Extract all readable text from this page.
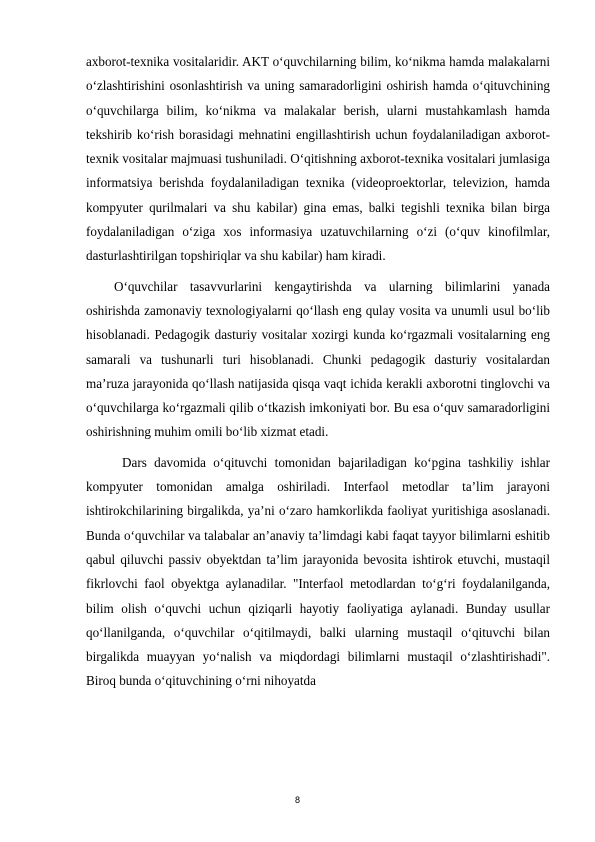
axborot-texnika vositalaridir. AKT o‘quvchilarning bilim, ko‘nikma hamda malakalarni o‘zlashtirishini osonlashtirish va uning samaradorligini oshirish hamda o‘qituvchining o‘quvchilarga bilim, ko‘nikma va malakalar berish, ularni mustahkamlash hamda tekshirib ko‘rish borasidagi mehnatini engillashtirish uchun foydalaniladigan axborot-texnik vositalar majmuasi tushuniladi. O‘qitishning axborot-texnika vositalari jumlasiga informatsiya berishda foydalaniladigan texnika (videoproektorlar, televizion, hamda kompyuter qurilmalari va shu kabilar) gina emas, balki tegishli texnika bilan birga foydalaniladigan o‘ziga xos informasiya uzatuvchilarning o‘zi (o‘quv kinofilmlar, dasturlashtirilgan topshiriqlar va shu kabilar) ham kiradi.

O‘quvchilar tasavvurlarini kengaytirishda va ularning bilimlarini yanada oshirishda zamonaviy texnologiyalarni qo‘llash eng qulay vosita va unumli usul bo‘lib hisoblanadi. Pedagogik dasturiy vositalar xozirgi kunda ko‘rgazmali vositalarning eng samarali va tushunarli turi hisoblanadi. Chunki pedagogik dasturiy vositalardan ma’ruza jarayonida qo‘llash natijasida qisqa vaqt ichida kerakli axborotni tinglovchi va o‘quvchilarga ko‘rgazmali qilib o‘tkazish imkoniyati bor. Bu esa o‘quv samaradorligini oshirishning muhim omili bo‘lib xizmat etadi.

Dars davomida o‘qituvchi tomonidan bajariladigan ko‘pgina tashkiliy ishlar kompyuter tomonidan amalga oshiriladi. Interfaol metodlar ta’lim jarayoni ishtirokchilarining birgalikda, ya’ni o‘zaro hamkorlikda faoliyat yuritishiga asoslanadi. Bunda o‘quvchilar va talabalar an’anaviy ta’limdagi kabi faqat tayyor bilimlarni eshitib qabul qiluvchi passiv obyektdan ta’lim jarayonida bevosita ishtirok etuvchi, mustaqil fikrlovchi faol obyektga aylanadilar. "Interfaol metodlardan to‘g‘ri foydalanilganda, bilim olish o‘quvchi uchun qiziqarli hayotiy faoliyatiga aylanadi. Bunday usullar qo‘llanilganda, o‘quvchilar o‘qitilmaydi, balki ularning mustaqil o‘qituvchi bilan birgalikda muayyan yo‘nalish va miqdordagi bilimlarni mustaqil o‘zlashtirishadi". Biroq bunda o‘qituvchining o‘rni nihoyatda

8
